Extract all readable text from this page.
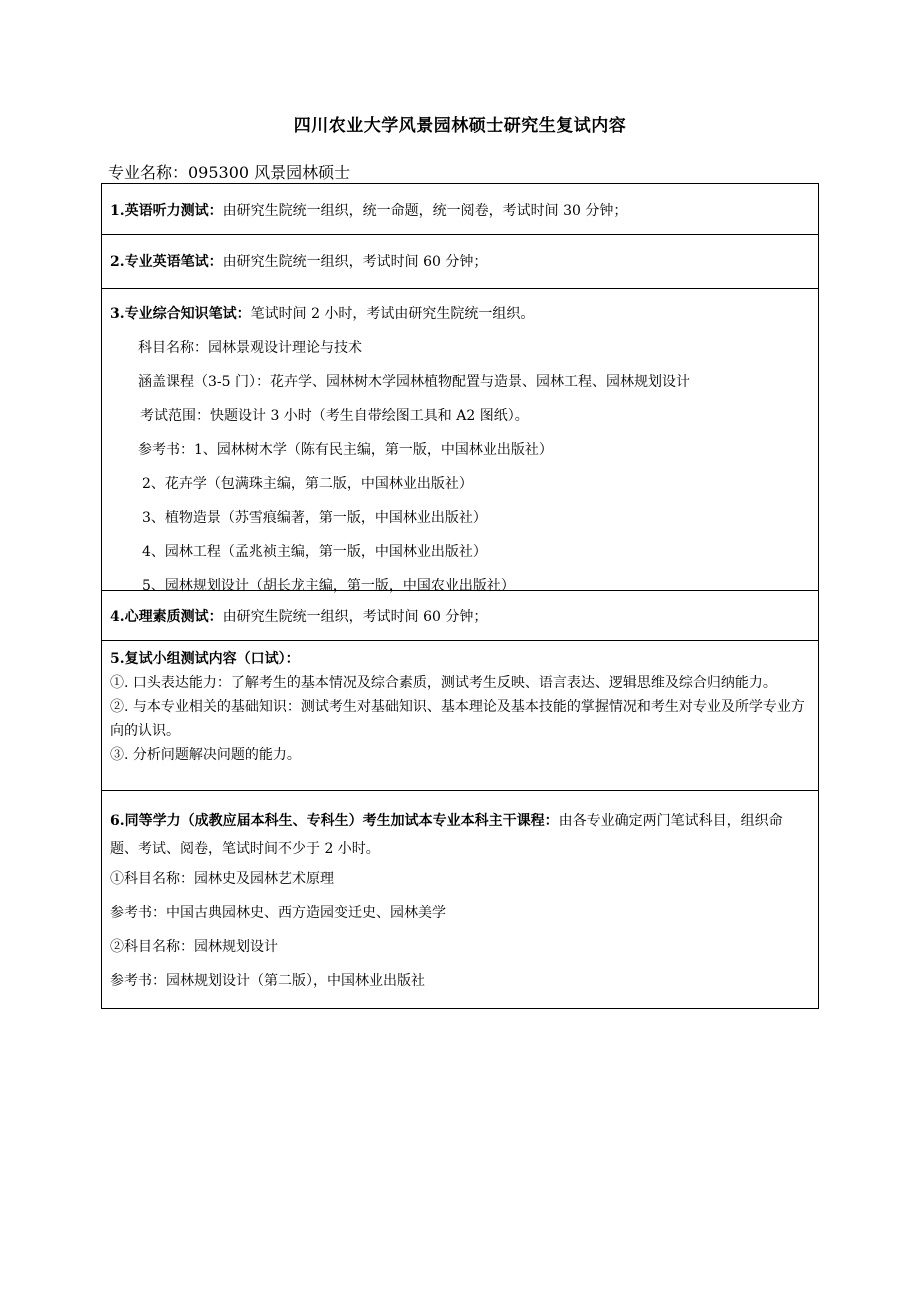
四川农业大学风景园林硕士研究生复试内容
专业名称：095300 风景园林硕士
1.英语听力测试：由研究生院统一组织，统一命题，统一阅卷，考试时间 30 分钟；
2.专业英语笔试：由研究生院统一组织，考试时间 60 分钟；
3.专业综合知识笔试：笔试时间 2 小时，考试由研究生院统一组织。
科目名称：园林景观设计理论与技术
涵盖课程（3-5 门）：花卉学、园林树木学园林植物配置与造景、园林工程、园林规划设计
考试范围：快题设计 3 小时（考生自带绘图工具和 A2 图纸）。
参考书：1、园林树木学（陈有民主编，第一版，中国林业出版社）
2、花卉学（包满珠主编，第二版，中国林业出版社）
3、植物造景（苏雪痕编著，第一版，中国林业出版社）
4、园林工程（孟兆祯主编，第一版，中国林业出版社）
5、园林规划设计（胡长龙主编，第一版，中国农业出版社）
4.心理素质测试：由研究生院统一组织，考试时间 60 分钟；
5.复试小组测试内容（口试）：
①. 口头表达能力：了解考生的基本情况及综合素质，测试考生反映、语言表达、逻辑思维及综合归纳能力。
②. 与本专业相关的基础知识：测试考生对基础知识、基本理论及基本技能的掌握情况和考生对专业及所学专业方向的认识。
③. 分析问题解决问题的能力。
6.同等学力（成教应届本科生、专科生）考生加试本专业本科主干课程：由各专业确定两门笔试科目，组织命题、考试、阅卷，笔试时间不少于 2 小时。
①科目名称：园林史及园林艺术原理
参考书：中国古典园林史、西方造园变迁史、园林美学
②科目名称：园林规划设计
参考书：园林规划设计（第二版），中国林业出版社
